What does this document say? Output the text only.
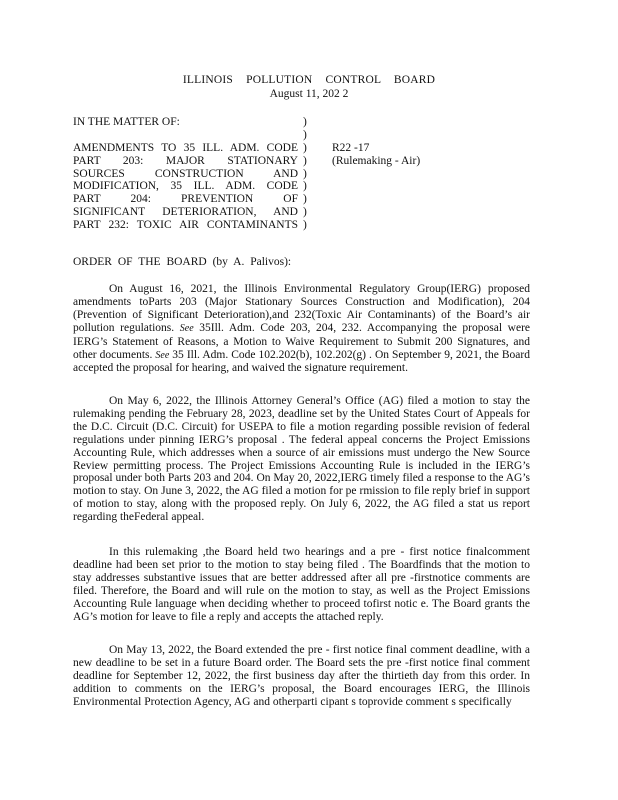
ILLINOIS POLLUTION CONTROL BOARD
August 11, 202 2
IN THE MATTER OF:
AMENDMENTS TO 35 ILL. ADM. CODE
PART 203: MAJOR STATIONARY
SOURCES CONSTRUCTION AND
MODIFICATION, 35 ILL. ADM. CODE
PART 204: PREVENTION OF
SIGNIFICANT DETERIORATION, AND
PART 232: TOXIC AIR CONTAMINANTS
)
)
)
)
)
)
)
)
)
R22 -17
(Rulemaking - Air)
ORDER OF THE BOARD (by A. Palivos):

On August 16, 2021, the Illinois Environmental Regulatory Group(IERG) proposed amendments toParts 203 (Major Stationary Sources Construction and Modification), 204 (Prevention of Significant Deterioration),and 232(Toxic Air Contaminants) of the Board’s air pollution regulations. See 35Ill. Adm. Code 203, 204, 232. Accompanying the proposal were IERG’s Statement of Reasons, a Motion to Waive Requirement to Submit 200 Signatures, and other documents. See 35 Ill. Adm. Code 102.202(b), 102.202(g) . On September 9, 2021, the Board accepted the proposal for hearing, and waived the signature requirement.

On May 6, 2022, the Illinois Attorney General’s Office (AG) filed a motion to stay the rulemaking pending the February 28, 2023, deadline set by the United States Court of Appeals for the D.C. Circuit (D.C. Circuit) for USEPA to file a motion regarding possible revision of federal regulations under pinning IERG’s proposal . The federal appeal concerns the Project Emissions Accounting Rule, which addresses when a source of air emissions must undergo the New Source Review permitting process. The Project Emissions Accounting Rule is included in the IERG’s proposal under both Parts 203 and 204. On May 20, 2022,IERG timely filed a response to the AG’s motion to stay. On June 3, 2022, the AG filed a motion for pe rmission to file reply brief in support of motion to stay, along with the proposed reply. On July 6, 2022, the AG filed a stat us report regarding theFederal appeal.

In this rulemaking ,the Board held two hearings and a pre - first notice finalcomment deadline had been set prior to the motion to stay being filed . The Boardfinds that the motion to stay addresses substantive issues that are better addressed after all pre -firstnotice comments are filed. Therefore, the Board and will rule on the motion to stay, as well as the Project Emissions Accounting Rule language when deciding whether to proceed tofirst notic e. The Board grants the AG’s motion for leave to file a reply and accepts the attached reply.

On May 13, 2022, the Board extended the pre - first notice final comment deadline, with a new deadline to be set in a future Board order. The Board sets the pre -first notice final comment deadline for September 12, 2022, the first business day after the thirtieth day from this order. In addition to comments on the IERG’s proposal, the Board encourages IERG, the Illinois Environmental Protection Agency, AG and otherparti cipant s toprovide comment s specifically
